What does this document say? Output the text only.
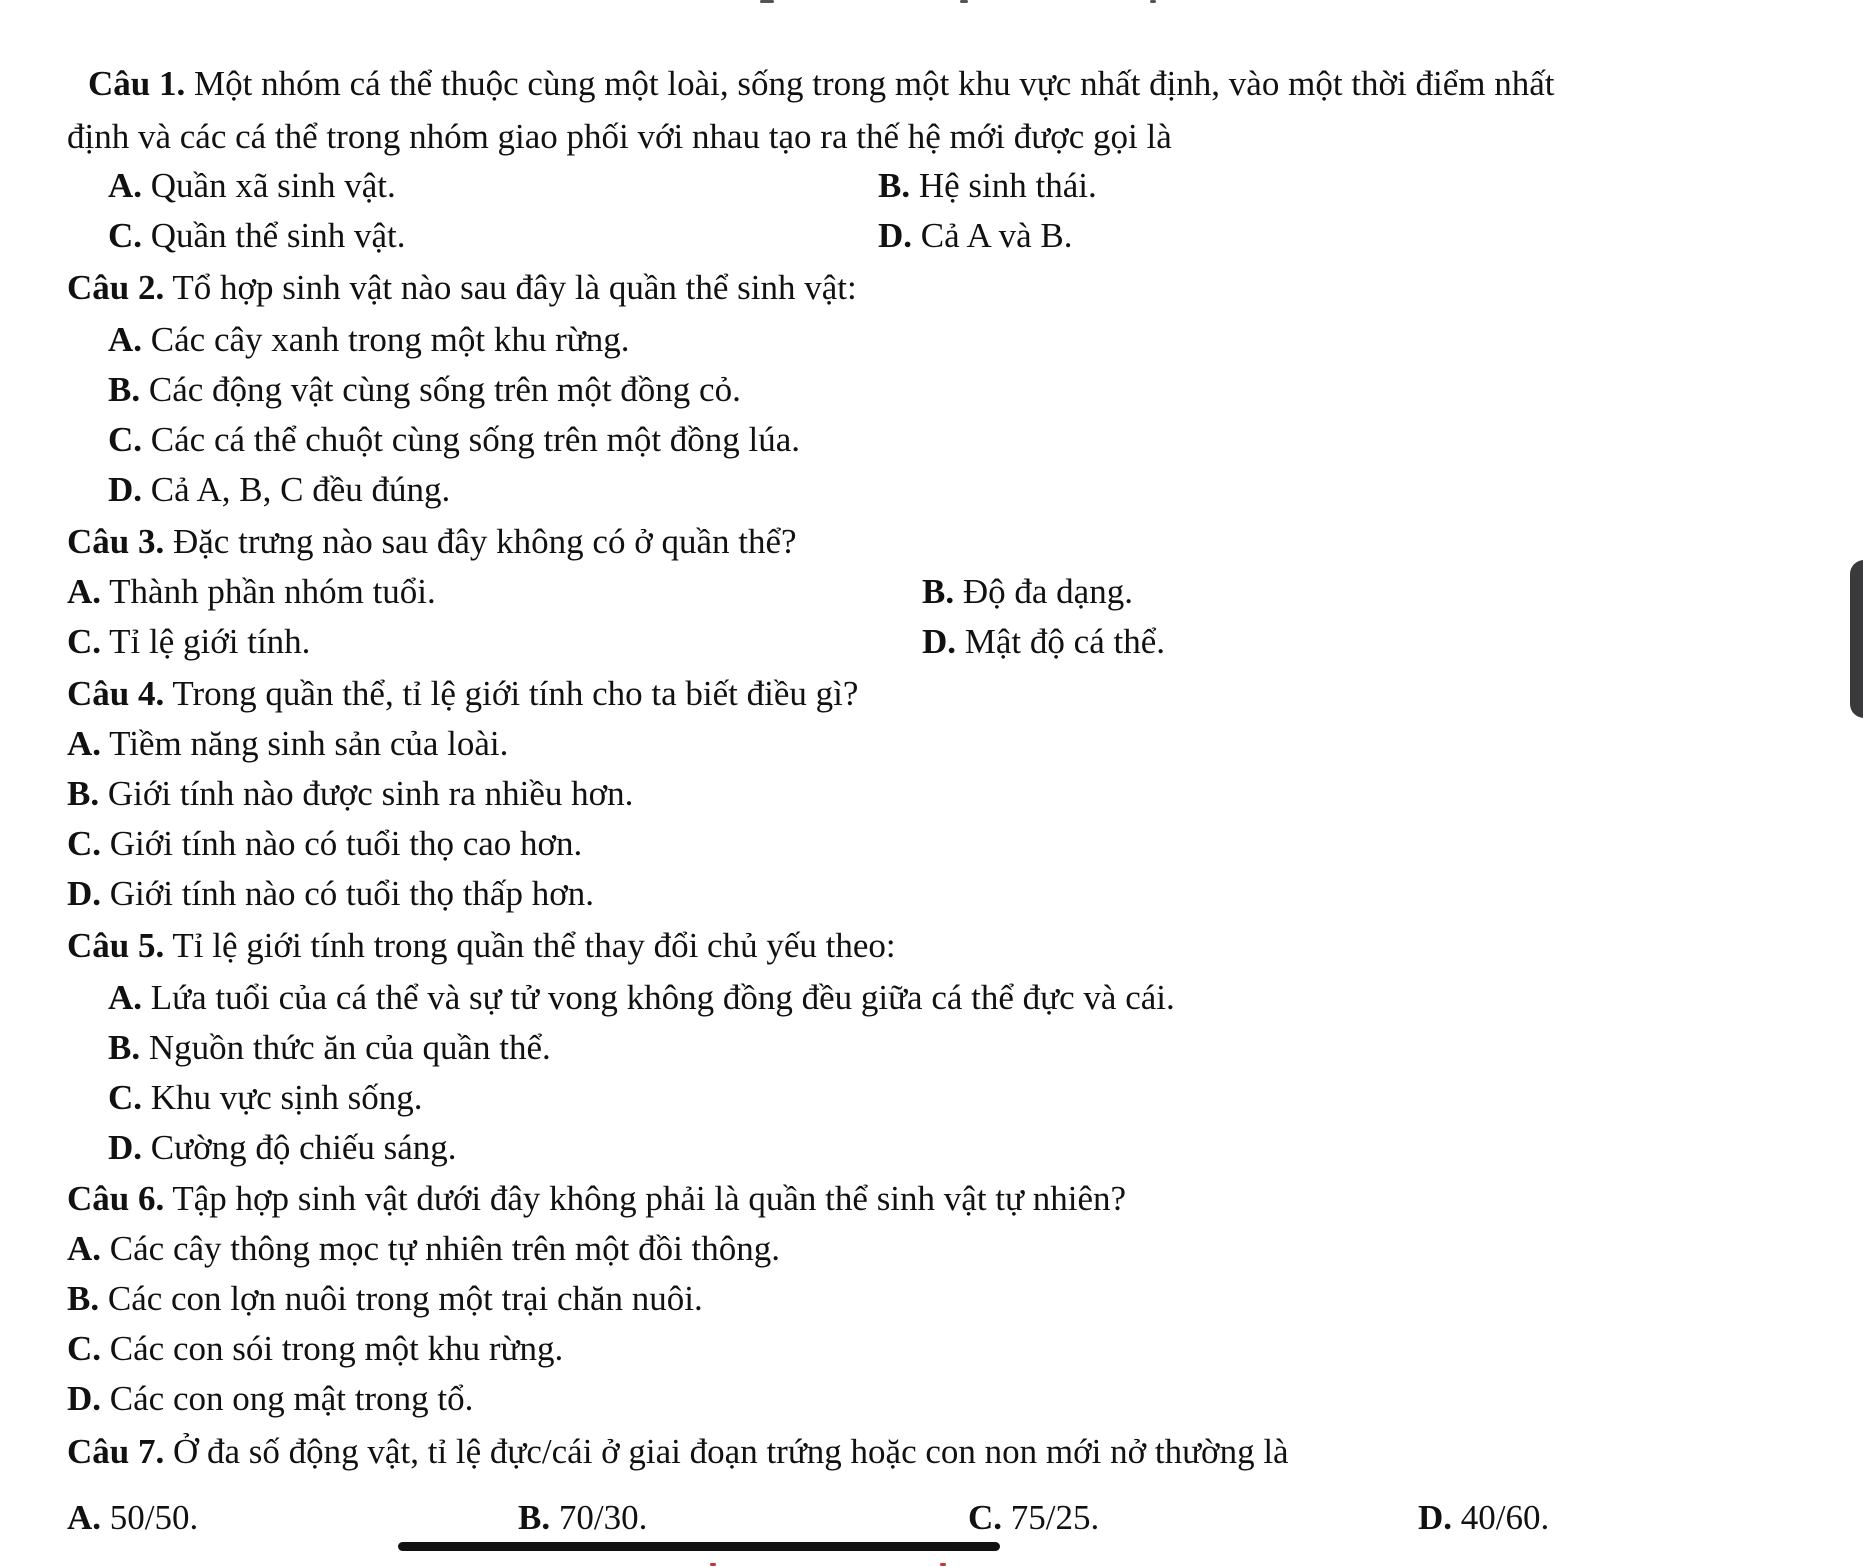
Câu 1. Một nhóm cá thể thuộc cùng một loài, sống trong một khu vực nhất định, vào một thời điểm nhất
định và các cá thể trong nhóm giao phối với nhau tạo ra thế hệ mới được gọi là
A. Quần xã sinh vật.	B. Hệ sinh thái.
C. Quần thể sinh vật.	D. Cả A và B.
Câu 2. Tổ hợp sinh vật nào sau đây là quần thể sinh vật:
A. Các cây xanh trong một khu rừng.
B. Các động vật cùng sống trên một đồng cỏ.
C. Các cá thể chuột cùng sống trên một đồng lúa.
D. Cả A, B, C đều đúng.
Câu 3. Đặc trưng nào sau đây không có ở quần thể?
A. Thành phần nhóm tuổi.	B. Độ đa dạng.
C. Tỉ lệ giới tính.	D. Mật độ cá thể.
Câu 4. Trong quần thể, tỉ lệ giới tính cho ta biết điều gì?
A. Tiềm năng sinh sản của loài.
B. Giới tính nào được sinh ra nhiều hơn.
C. Giới tính nào có tuổi thọ cao hơn.
D. Giới tính nào có tuổi thọ thấp hơn.
Câu 5. Tỉ lệ giới tính trong quần thể thay đổi chủ yếu theo:
A. Lứa tuổi của cá thể và sự tử vong không đồng đều giữa cá thể đực và cái.
B. Nguồn thức ăn của quần thể.
C. Khu vực sịnh sống.
D. Cường độ chiếu sáng.
Câu 6. Tập hợp sinh vật dưới đây không phải là quần thể sinh vật tự nhiên?
A. Các cây thông mọc tự nhiên trên một đồi thông.
B. Các con lợn nuôi trong một trại chăn nuôi.
C. Các con sói trong một khu rừng.
D. Các con ong mật trong tổ.
Câu 7. Ở đa số động vật, tỉ lệ đực/cái ở giai đoạn trứng hoặc con non mới nở thường là
A. 50/50.	B. 70/30.	C. 75/25.	D. 40/60.
